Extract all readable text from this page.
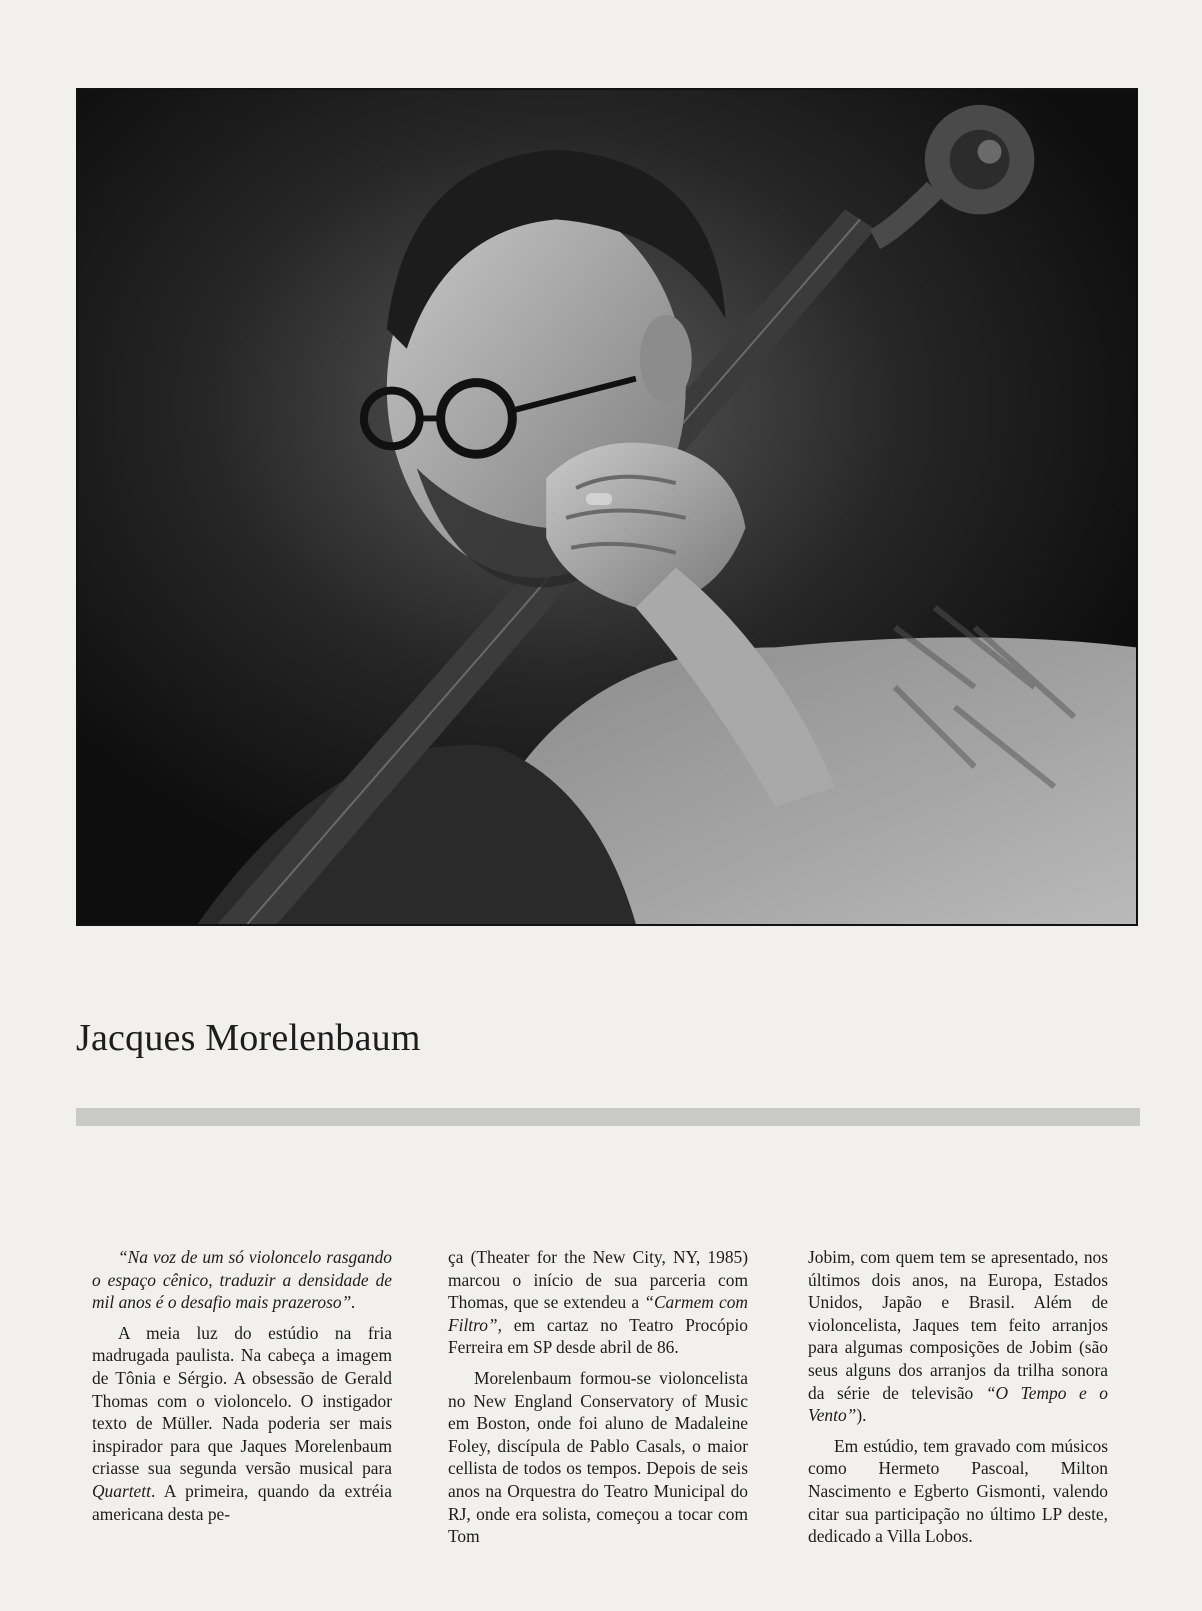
Jacques Morelenbaum

“Na voz de um só violoncelo rasgando o espaço cênico, traduzir a densidade de mil anos é o desafio mais prazeroso”.

A meia luz do estúdio na fria madrugada paulista. Na cabeça a imagem de Tônia e Sérgio. A obsessão de Gerald Thomas com o violoncelo. O instigador texto de Müller. Nada poderia ser mais inspirador para que Jaques Morelenbaum criasse sua segunda versão musical para Quartett. A primeira, quando da extréia americana desta pe-

ça (Theater for the New City, NY, 1985) marcou o início de sua parceria com Thomas, que se extendeu a “Carmem com Filtro”, em cartaz no Teatro Procópio Ferreira em SP desde abril de 86.

Morelenbaum formou-se violoncelista no New England Conservatory of Music em Boston, onde foi aluno de Madaleine Foley, discípula de Pablo Casals, o maior cellista de todos os tempos. Depois de seis anos na Orquestra do Teatro Municipal do RJ, onde era solista, começou a tocar com Tom

Jobim, com quem tem se apresentado, nos últimos dois anos, na Europa, Estados Unidos, Japão e Brasil. Além de violoncelista, Jaques tem feito arranjos para algumas composições de Jobim (são seus alguns dos arranjos da trilha sonora da série de televisão “O Tempo e o Vento”).

Em estúdio, tem gravado com músicos como Hermeto Pascoal, Milton Nascimento e Egberto Gismonti, valendo citar sua participação no último LP deste, dedicado a Villa Lobos.
